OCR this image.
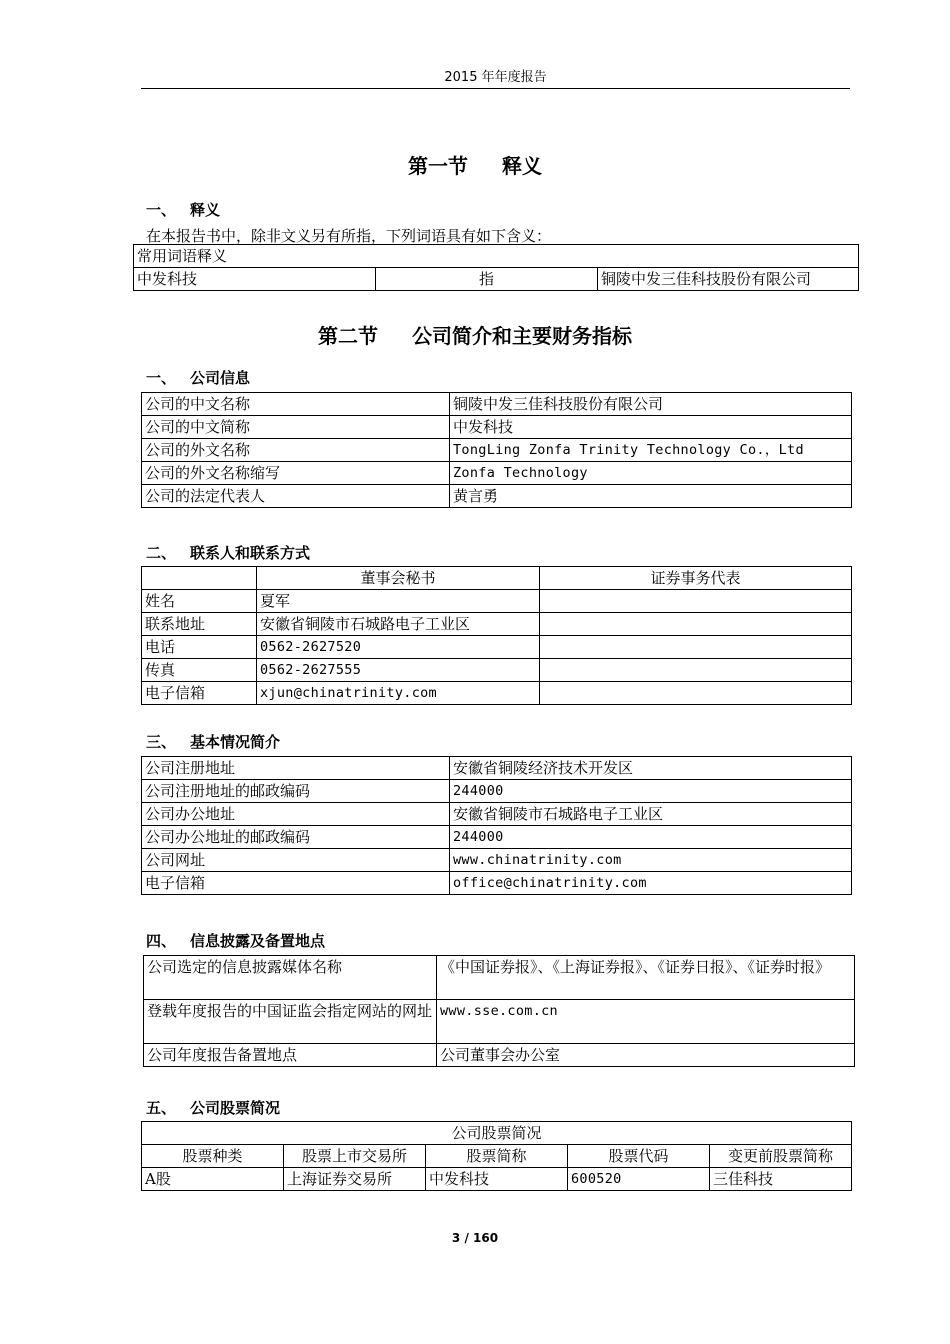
2015 年年度报告
第一节 释义
一、 释义
在本报告书中，除非文义另有所指，下列词语具有如下含义：
常用词语释义
中发科技	指	铜陵中发三佳科技股份有限公司
第二节 公司简介和主要财务指标
一、 公司信息
公司的中文名称	铜陵中发三佳科技股份有限公司
公司的中文简称	中发科技
公司的外文名称	TongLing Zonfa Trinity Technology Co.，Ltd
公司的外文名称缩写	Zonfa Technology
公司的法定代表人	黄言勇
二、 联系人和联系方式
	董事会秘书	证券事务代表
姓名	夏军	
联系地址	安徽省铜陵市石城路电子工业区	
电话	0562-2627520	
传真	0562-2627555	
电子信箱	xjun@chinatrinity.com	
三、 基本情况简介
公司注册地址	安徽省铜陵经济技术开发区
公司注册地址的邮政编码	244000
公司办公地址	安徽省铜陵市石城路电子工业区
公司办公地址的邮政编码	244000
公司网址	www.chinatrinity.com
电子信箱	office@chinatrinity.com
四、 信息披露及备置地点
公司选定的信息披露媒体名称	《中国证券报》、《上海证券报》、《证券日报》、《证券时报》
登载年度报告的中国证监会指定网站的网址	www.sse.com.cn
公司年度报告备置地点	公司董事会办公室
五、 公司股票简况
公司股票简况				
股票种类	股票上市交易所	股票简称	股票代码	变更前股票简称
A股	上海证券交易所	中发科技	600520	三佳科技
3 / 160
